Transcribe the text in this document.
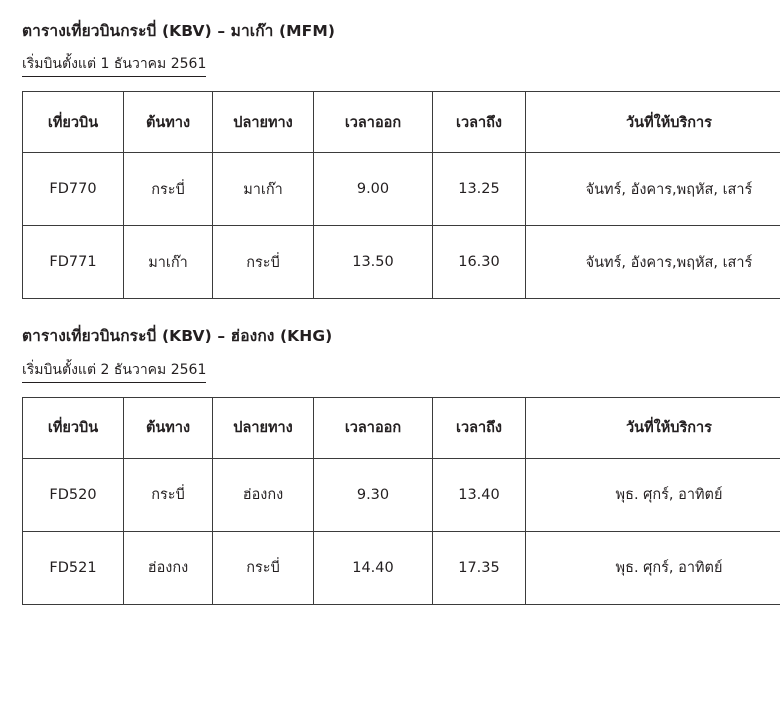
ตารางเที่ยวบินกระบี่ (KBV) – มาเก๊า (MFM)
เริ่มบินตั้งแต่ 1 ธันวาคม 2561
เที่ยวบิน	ต้นทาง	ปลายทาง	เวลาออก	เวลาถึง	วันที่ให้บริการ
FD770	กระบี่	มาเก๊า	9.00	13.25	จันทร์, อังคาร,พฤหัส, เสาร์
FD771	มาเก๊า	กระบี่	13.50	16.30	จันทร์, อังคาร,พฤหัส, เสาร์
ตารางเที่ยวบินกระบี่ (KBV) – ฮ่องกง (KHG)
เริ่มบินตั้งแต่ 2 ธันวาคม 2561
เที่ยวบิน	ต้นทาง	ปลายทาง	เวลาออก	เวลาถึง	วันที่ให้บริการ
FD520	กระบี่	ฮ่องกง	9.30	13.40	พุธ. ศุกร์, อาทิตย์
FD521	ฮ่องกง	กระบี่	14.40	17.35	พุธ. ศุกร์, อาทิตย์
